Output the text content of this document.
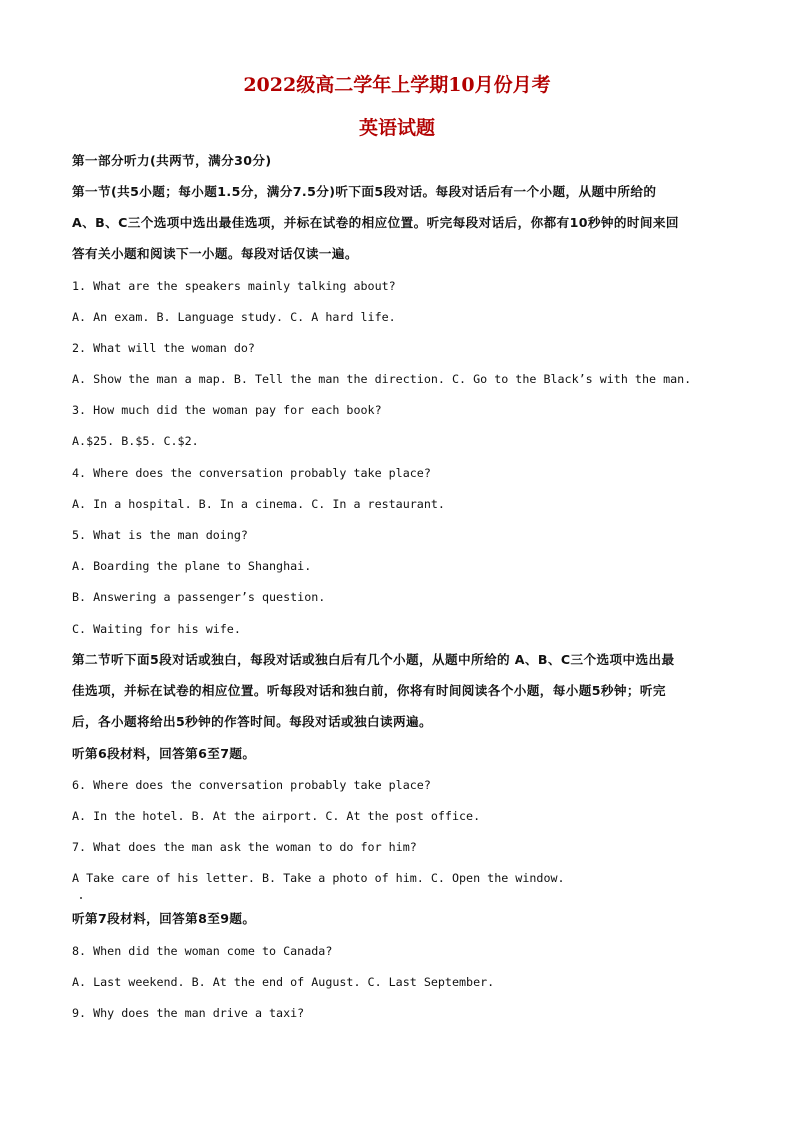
2022级高二学年上学期10月份月考
英语试题
第一部分听力(共两节，满分30分)
第一节(共5小题；每小题1.5分，满分7.5分)听下面5段对话。每段对话后有一个小题，从题中所给的
A、B、C三个选项中选出最佳选项，并标在试卷的相应位置。听完每段对话后，你都有10秒钟的时间来回
答有关小题和阅读下一小题。每段对话仅读一遍。
1. What are the speakers mainly talking about?
A. An exam. B. Language study. C. A hard life.
2. What will the woman do?
A. Show the man a map. B. Tell the man the direction. C. Go to the Black’s with the man.
3. How much did the woman pay for each book?
A.$25. B.$5. C.$2.
4. Where does the conversation probably take place?
A. In a hospital. B. In a cinema. C. In a restaurant.
5. What is the man doing?
A. Boarding the plane to Shanghai.
B. Answering a passenger’s question.
C. Waiting for his wife.
第二节听下面5段对话或独白，每段对话或独白后有几个小题，从题中所给的 A、B、C三个选项中选出最
佳选项，并标在试卷的相应位置。听每段对话和独白前，你将有时间阅读各个小题，每小题5秒钟；听完
后，各小题将给出5秒钟的作答时间。每段对话或独白读两遍。
听第6段材料，回答第6至7题。
6. Where does the conversation probably take place?
A. In the hotel. B. At the airport. C. At the post office.
7. What does the man ask the woman to do for him?
A Take care of his letter. B. Take a photo of him. C. Open the window.
听第7段材料，回答第8至9题。
8. When did the woman come to Canada?
A. Last weekend. B. At the end of August. C. Last September.
9. Why does the man drive a taxi?
